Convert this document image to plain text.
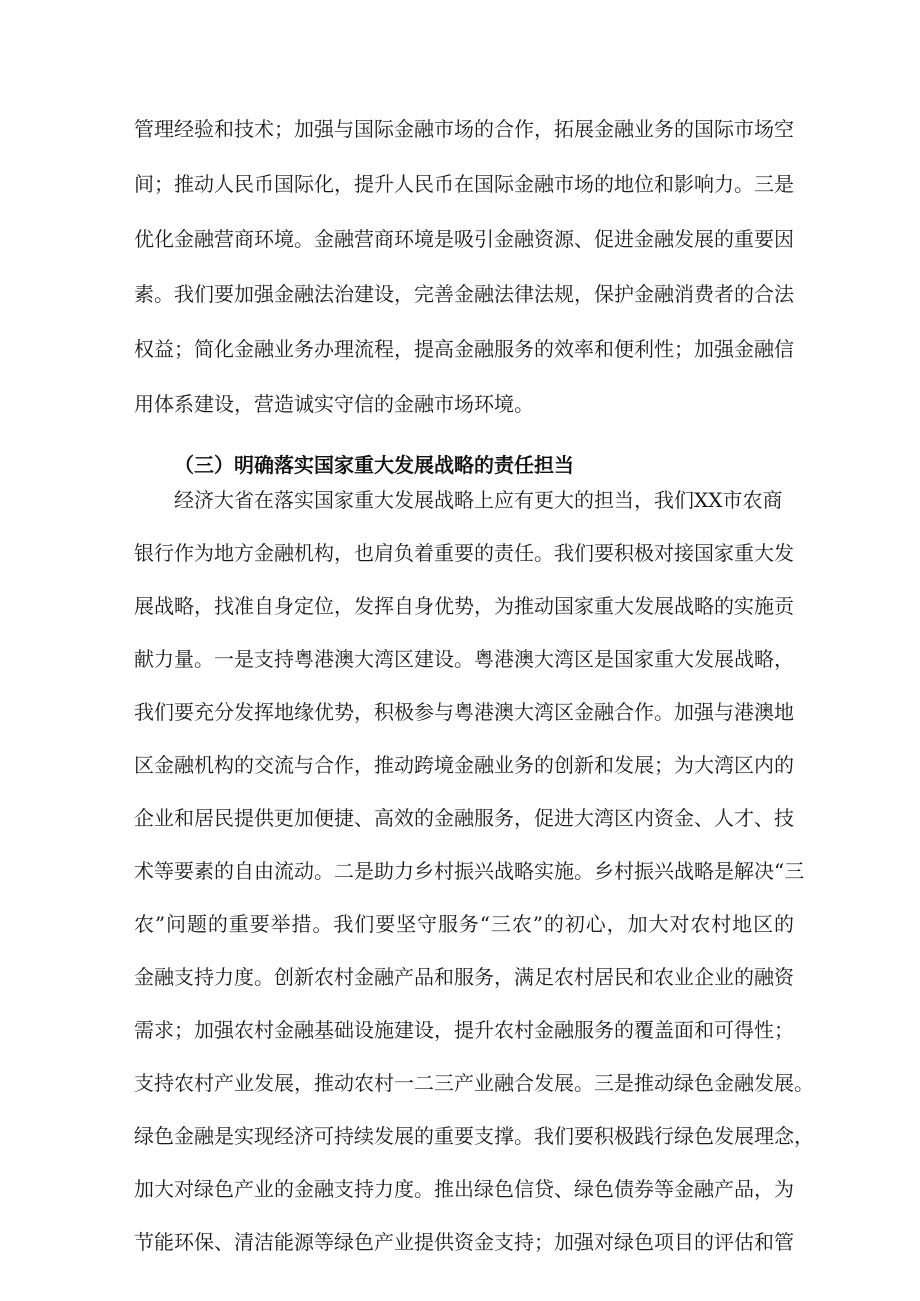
管理经验和技术；加强与国际金融市场的合作，拓展金融业务的国际市场空
间；推动人民币国际化，提升人民币在国际金融市场的地位和影响力。三是
优化金融营商环境。金融营商环境是吸引金融资源、促进金融发展的重要因
素。我们要加强金融法治建设，完善金融法律法规，保护金融消费者的合法
权益；简化金融业务办理流程，提高金融服务的效率和便利性；加强金融信
用体系建设，营造诚实守信的金融市场环境。
（三）明确落实国家重大发展战略的责任担当
经济大省在落实国家重大发展战略上应有更大的担当，我们XX市农商
银行作为地方金融机构，也肩负着重要的责任。我们要积极对接国家重大发
展战略，找准自身定位，发挥自身优势，为推动国家重大发展战略的实施贡
献力量。一是支持粤港澳大湾区建设。粤港澳大湾区是国家重大发展战略，
我们要充分发挥地缘优势，积极参与粤港澳大湾区金融合作。加强与港澳地
区金融机构的交流与合作，推动跨境金融业务的创新和发展；为大湾区内的
企业和居民提供更加便捷、高效的金融服务，促进大湾区内资金、人才、技
术等要素的自由流动。二是助力乡村振兴战略实施。乡村振兴战略是解决“三
农”问题的重要举措。我们要坚守服务“三农”的初心，加大对农村地区的
金融支持力度。创新农村金融产品和服务，满足农村居民和农业企业的融资
需求；加强农村金融基础设施建设，提升农村金融服务的覆盖面和可得性；
支持农村产业发展，推动农村一二三产业融合发展。三是推动绿色金融发展。
绿色金融是实现经济可持续发展的重要支撑。我们要积极践行绿色发展理念，
加大对绿色产业的金融支持力度。推出绿色信贷、绿色债券等金融产品，为
节能环保、清洁能源等绿色产业提供资金支持；加强对绿色项目的评估和管
